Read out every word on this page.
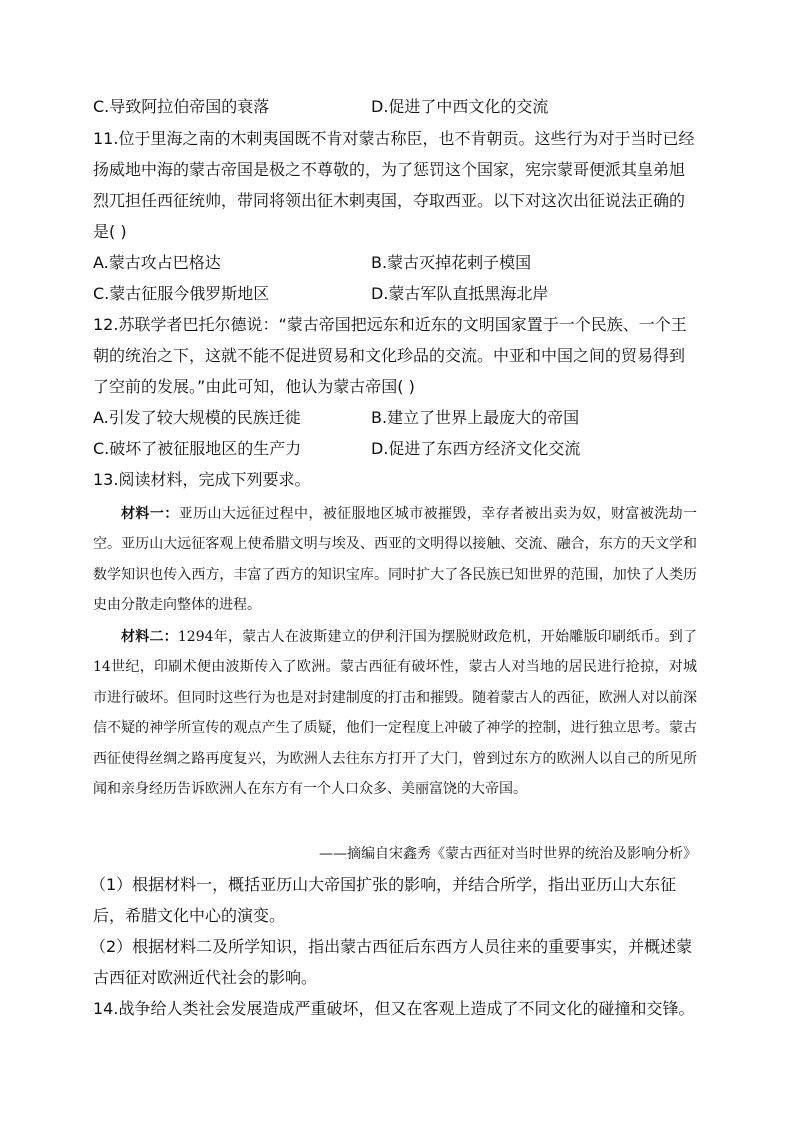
C.导致阿拉伯帝国的衰落	D.促进了中西文化的交流
11.位于里海之南的木剌夷国既不肯对蒙古称臣，也不肯朝贡。这些行为对于当时已经
扬威地中海的蒙古帝国是极之不尊敬的，为了惩罚这个国家，宪宗蒙哥便派其皇弟旭
烈兀担任西征统帅，带同将领出征木剌夷国，夺取西亚。以下对这次出征说法正确的
是( )
A.蒙古攻占巴格达	B.蒙古灭掉花剌子模国
C.蒙古征服今俄罗斯地区	D.蒙古军队直抵黑海北岸
12.苏联学者巴托尔德说：“蒙古帝国把远东和近东的文明国家置于一个民族、一个王
朝的统治之下，这就不能不促进贸易和文化珍品的交流。中亚和中国之间的贸易得到
了空前的发展。”由此可知，他认为蒙古帝国( )
A.引发了较大规模的民族迁徙	B.建立了世界上最庞大的帝国
C.破坏了被征服地区的生产力	D.促进了东西方经济文化交流
13.阅读材料，完成下列要求。

材料一：亚历山大远征过程中，被征服地区城市被摧毁，幸存者被出卖为奴，财富被洗劫一空。亚历山大远征客观上使希腊文明与埃及、西亚的文明得以接触、交流、融合，东方的天文学和数学知识也传入西方，丰富了西方的知识宝库。同时扩大了各民族已知世界的范围，加快了人类历史由分散走向整体的进程。

材料二：1294年，蒙古人在波斯建立的伊利汗国为摆脱财政危机，开始雕版印刷纸币。到了14世纪，印刷术便由波斯传入了欧洲。蒙古西征有破坏性，蒙古人对当地的居民进行抢掠，对城市进行破坏。但同时这些行为也是对封建制度的打击和摧毁。随着蒙古人的西征，欧洲人对以前深信不疑的神学所宣传的观点产生了质疑，他们一定程度上冲破了神学的控制，进行独立思考。蒙古西征使得丝绸之路再度复兴，为欧洲人去往东方打开了大门，曾到过东方的欧洲人以自己的所见所闻和亲身经历告诉欧洲人在东方有一个人口众多、美丽富饶的大帝国。

——摘编自宋鑫秀《蒙古西征对当时世界的统治及影响分析》
（1）根据材料一，概括亚历山大帝国扩张的影响，并结合所学，指出亚历山大东征
后，希腊文化中心的演变。
（2）根据材料二及所学知识，指出蒙古西征后东西方人员往来的重要事实，并概述蒙
古西征对欧洲近代社会的影响。
14.战争给人类社会发展造成严重破坏，但又在客观上造成了不同文化的碰撞和交锋。
